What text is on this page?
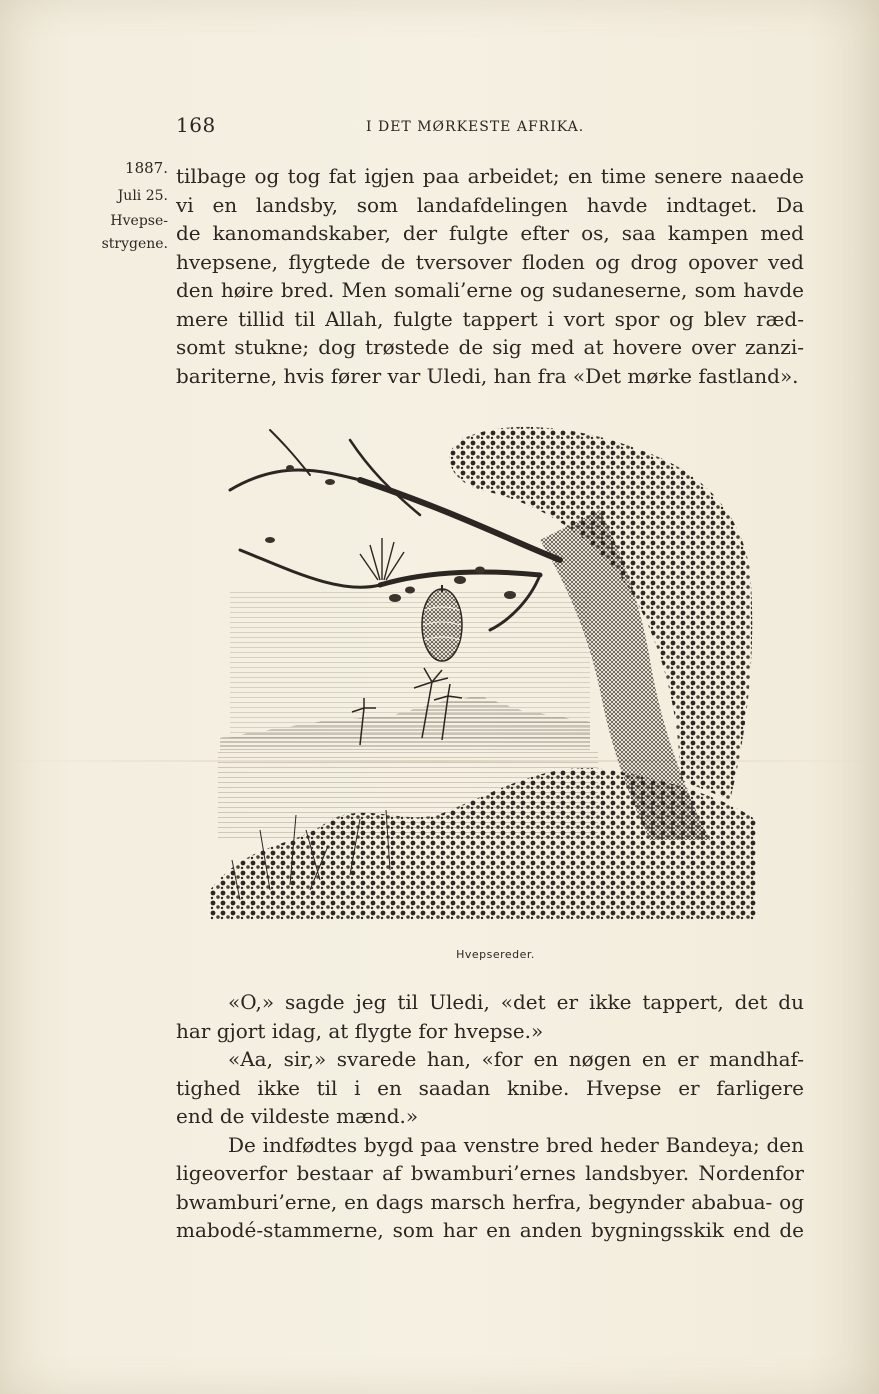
168	I DET MØRKESTE AFRIKA.
1887.
Juli 25.
Hvepse-
strygene.
tilbage og tog fat igjen paa arbeidet; en time senere naaede
vi en landsby, som landafdelingen havde indtaget. Da
de kanomandskaber, der fulgte efter os, saa kampen med
hvepsene, flygtede de tversover floden og drog opover ved
den høire bred. Men somali’erne og sudaneserne, som havde
mere tillid til Allah, fulgte tappert i vort spor og blev ræd-
somt stukne; dog trøstede de sig med at hovere over zanzi-
bariterne, hvis fører var Uledi, han fra «Det mørke fastland».
Hvepsereder.
«O,» sagde jeg til Uledi, «det er ikke tappert, det du
har gjort idag, at flygte for hvepse.»
«Aa, sir,» svarede han, «for en nøgen en er mandhaf-
tighed ikke til i en saadan knibe. Hvepse er farligere
end de vildeste mænd.»
De indfødtes bygd paa venstre bred heder Bandeya; den
ligeoverfor bestaar af bwamburi’ernes landsbyer. Nordenfor
bwamburi’erne, en dags marsch herfra, begynder ababua- og
mabodé-stammerne, som har en anden bygningsskik end de
